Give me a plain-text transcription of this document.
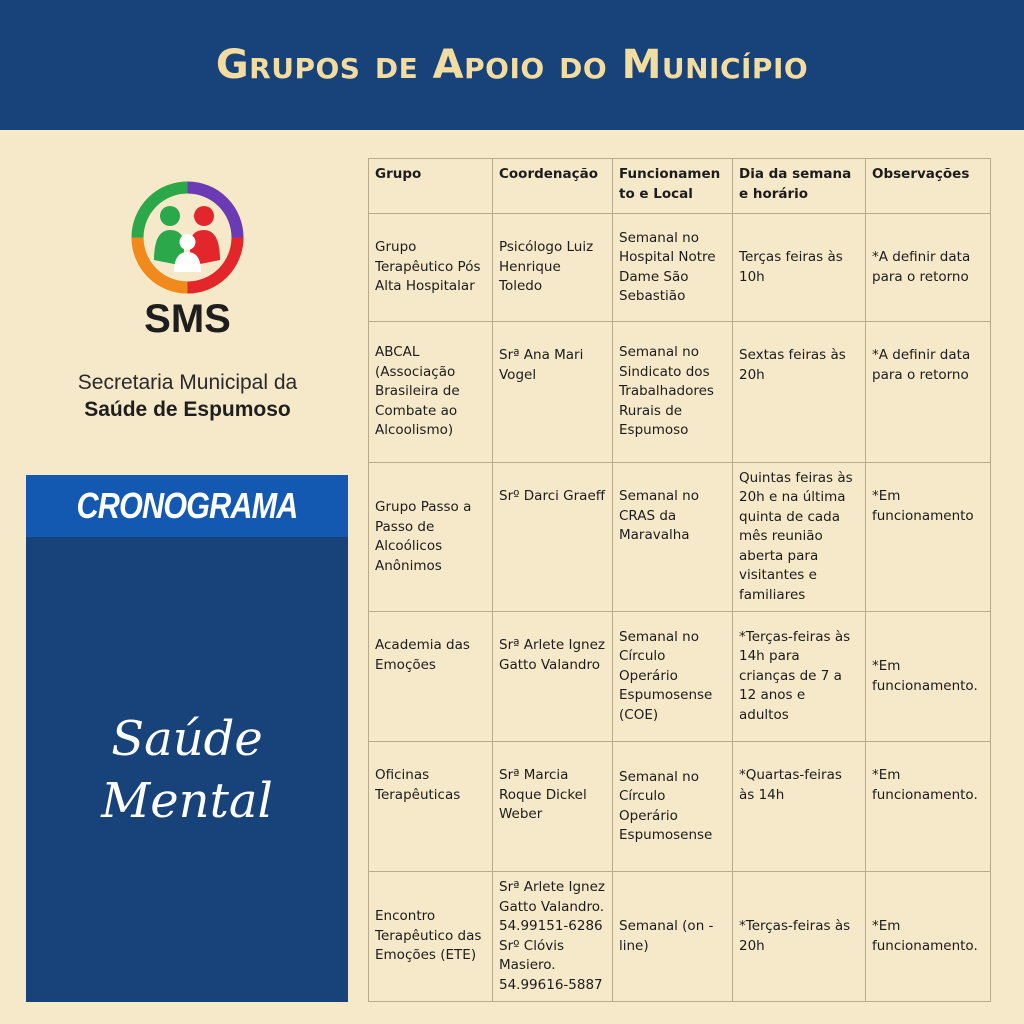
Grupos de Apoio do Município
SMS
Secretaria Municipal da
Saúde de Espumoso
CRONOGRAMA
Saúde
Mental
Grupo	Coordenação	Funcionamento e Local	Dia da semana e horário	Observações
Grupo Terapêutico Pós Alta Hospitalar	Psicólogo Luiz Henrique Toledo	Semanal no Hospital Notre Dame São Sebastião	Terças feiras às 10h	*A definir data para o retorno
ABCAL (Associação Brasileira de Combate ao Alcoolismo)	Srª Ana Mari Vogel	Semanal no Sindicato dos Trabalhadores Rurais de Espumoso	Sextas feiras às 20h	*A definir data para o retorno
Grupo Passo a Passo de Alcoólicos Anônimos	Srº Darci Graeff	Semanal no CRAS da Maravalha	Quintas feiras às 20h e na última quinta de cada mês reunião aberta para visitantes e familiares	*Em funcionamento
Academia das Emoções	Srª Arlete Ignez Gatto Valandro	Semanal no Círculo Operário Espumosense (COE)	*Terças-feiras às 14h para crianças de 7 a 12 anos e adultos	*Em funcionamento.
Oficinas Terapêuticas	Srª Marcia Roque Dickel Weber	Semanal no Círculo Operário Espumosense	*Quartas-feiras às 14h	*Em funcionamento.
Encontro Terapêutico das Emoções (ETE)	Srª Arlete Ignez Gatto Valandro. 54.99151-6286 Srº Clóvis Masiero. 54.99616-5887	Semanal (on - line)	*Terças-feiras às 20h	*Em funcionamento.
